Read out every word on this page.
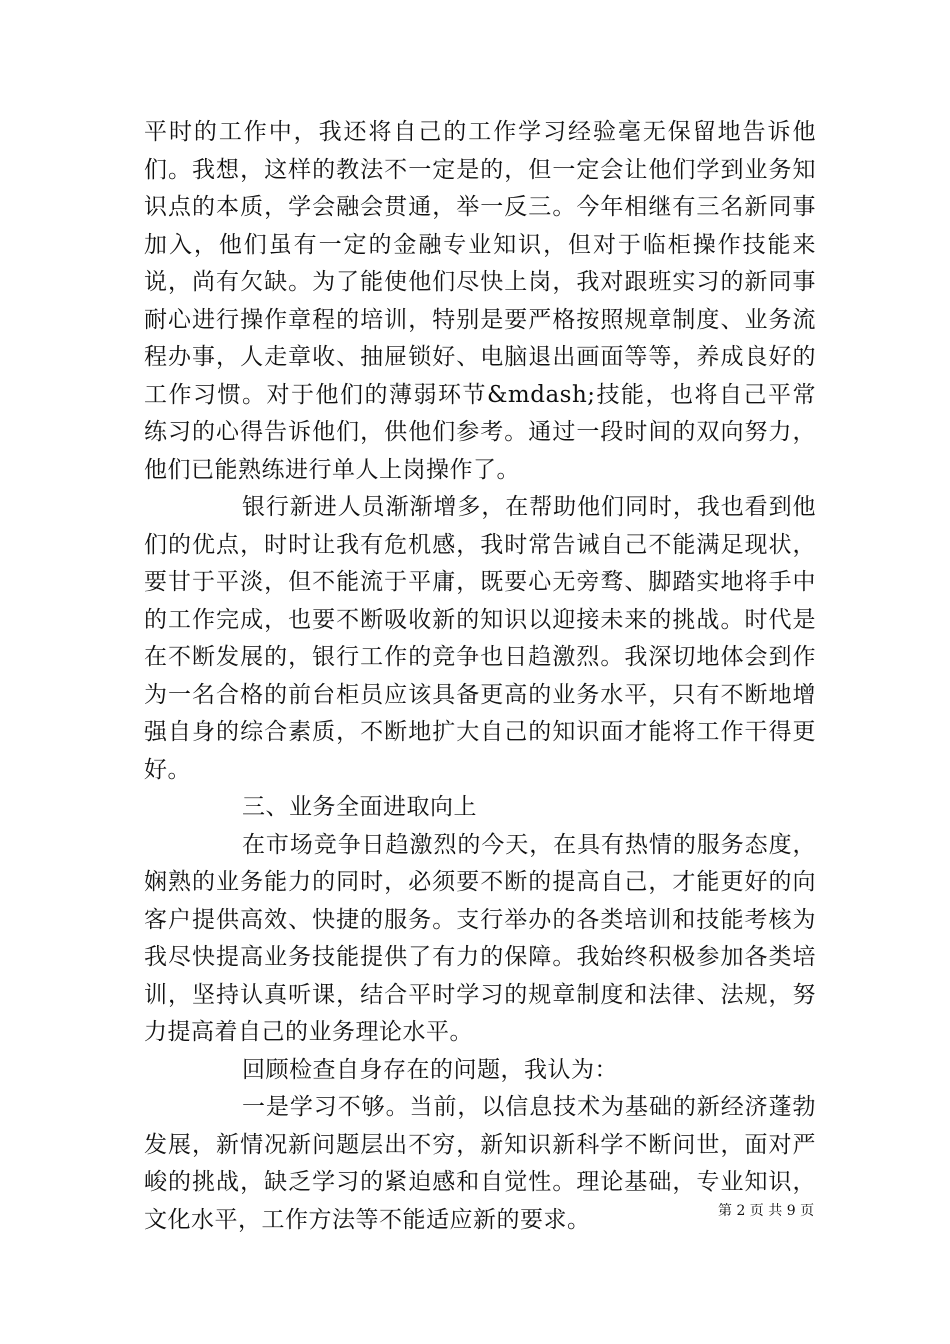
平时的工作中，我还将自己的工作学习经验毫无保留地告诉他们。我想，这样的教法不一定是的，但一定会让他们学到业务知识点的本质，学会融会贯通，举一反三。今年相继有三名新同事加入，他们虽有一定的金融专业知识，但对于临柜操作技能来说，尚有欠缺。为了能使他们尽快上岗，我对跟班实习的新同事耐心进行操作章程的培训，特别是要严格按照规章制度、业务流程办事，人走章收、抽屉锁好、电脑退出画面等等，养成良好的工作习惯。对于他们的薄弱环节&mdash;技能，也将自己平常练习的心得告诉他们，供他们参考。通过一段时间的双向努力，他们已能熟练进行单人上岗操作了。

银行新进人员渐渐增多，在帮助他们同时，我也看到他们的优点，时时让我有危机感，我时常告诫自己不能满足现状，要甘于平淡，但不能流于平庸，既要心无旁骛、脚踏实地将手中的工作完成，也要不断吸收新的知识以迎接未来的挑战。时代是在不断发展的，银行工作的竞争也日趋激烈。我深切地体会到作为一名合格的前台柜员应该具备更高的业务水平，只有不断地增强自身的综合素质，不断地扩大自己的知识面才能将工作干得更好。

三、业务全面进取向上

在市场竞争日趋激烈的今天，在具有热情的服务态度，娴熟的业务能力的同时，必须要不断的提高自己，才能更好的向客户提供高效、快捷的服务。支行举办的各类培训和技能考核为我尽快提高业务技能提供了有力的保障。我始终积极参加各类培训，坚持认真听课，结合平时学习的规章制度和法律、法规，努力提高着自己的业务理论水平。

回顾检查自身存在的问题，我认为：

一是学习不够。当前，以信息技术为基础的新经济蓬勃发展，新情况新问题层出不穷，新知识新科学不断问世，面对严峻的挑战，缺乏学习的紧迫感和自觉性。理论基础，专业知识，文化水平，工作方法等不能适应新的要求。	第 2 页 共 9 页
